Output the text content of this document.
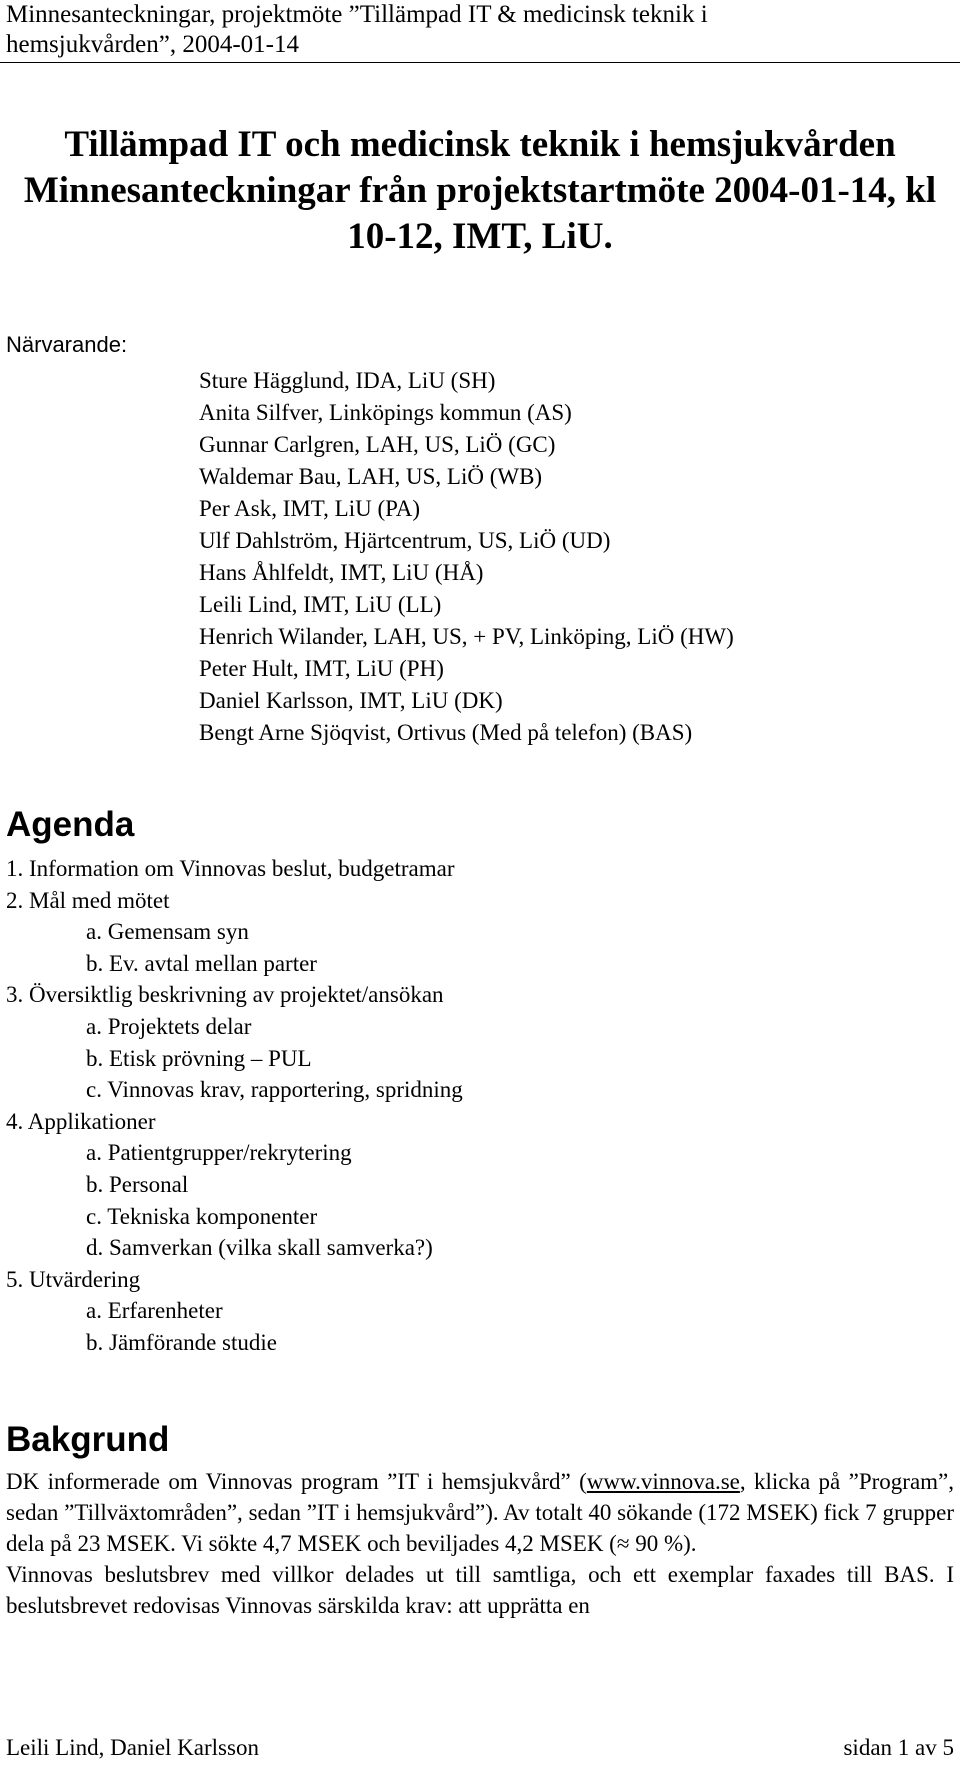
Minnesanteckningar, projektmöte ”Tillämpad IT & medicinsk teknik i
hemsjukvården”, 2004-01-14
Tillämpad IT och medicinsk teknik i hemsjukvården
Minnesanteckningar från projektstartmöte 2004-01-14, kl
10-12, IMT, LiU.
Närvarande:
Sture Hägglund, IDA, LiU (SH)
Anita Silfver, Linköpings kommun (AS)
Gunnar Carlgren, LAH, US, LiÖ (GC)
Waldemar Bau, LAH, US, LiÖ (WB)
Per Ask, IMT, LiU (PA)
Ulf Dahlström, Hjärtcentrum, US, LiÖ (UD)
Hans Åhlfeldt, IMT, LiU (HÅ)
Leili Lind, IMT, LiU (LL)
Henrich Wilander, LAH, US, + PV, Linköping, LiÖ (HW)
Peter Hult, IMT, LiU (PH)
Daniel Karlsson, IMT, LiU (DK)
Bengt Arne Sjöqvist, Ortivus (Med på telefon) (BAS)
Agenda
1. Information om Vinnovas beslut, budgetramar
2. Mål med mötet
a. Gemensam syn
b. Ev. avtal mellan parter
3. Översiktlig beskrivning av projektet/ansökan
a. Projektets delar
b. Etisk prövning – PUL
c. Vinnovas krav, rapportering, spridning
4. Applikationer
a. Patientgrupper/rekrytering
b. Personal
c. Tekniska komponenter
d. Samverkan (vilka skall samverka?)
5. Utvärdering
a. Erfarenheter
b. Jämförande studie
Bakgrund

DK informerade om Vinnovas program ”IT i hemsjukvård” (www.vinnova.se, klicka på ”Program”, sedan ”Tillväxtområden”, sedan ”IT i hemsjukvård”). Av totalt 40 sökande (172 MSEK) fick 7 grupper dela på 23 MSEK. Vi sökte 4,7 MSEK och beviljades 4,2 MSEK (≈ 90 %).

Vinnovas beslutsbrev med villkor delades ut till samtliga, och ett exemplar faxades till BAS. I beslutsbrevet redovisas Vinnovas särskilda krav: att upprätta en

Leili Lind, Daniel Karlsson	sidan 1 av 5
